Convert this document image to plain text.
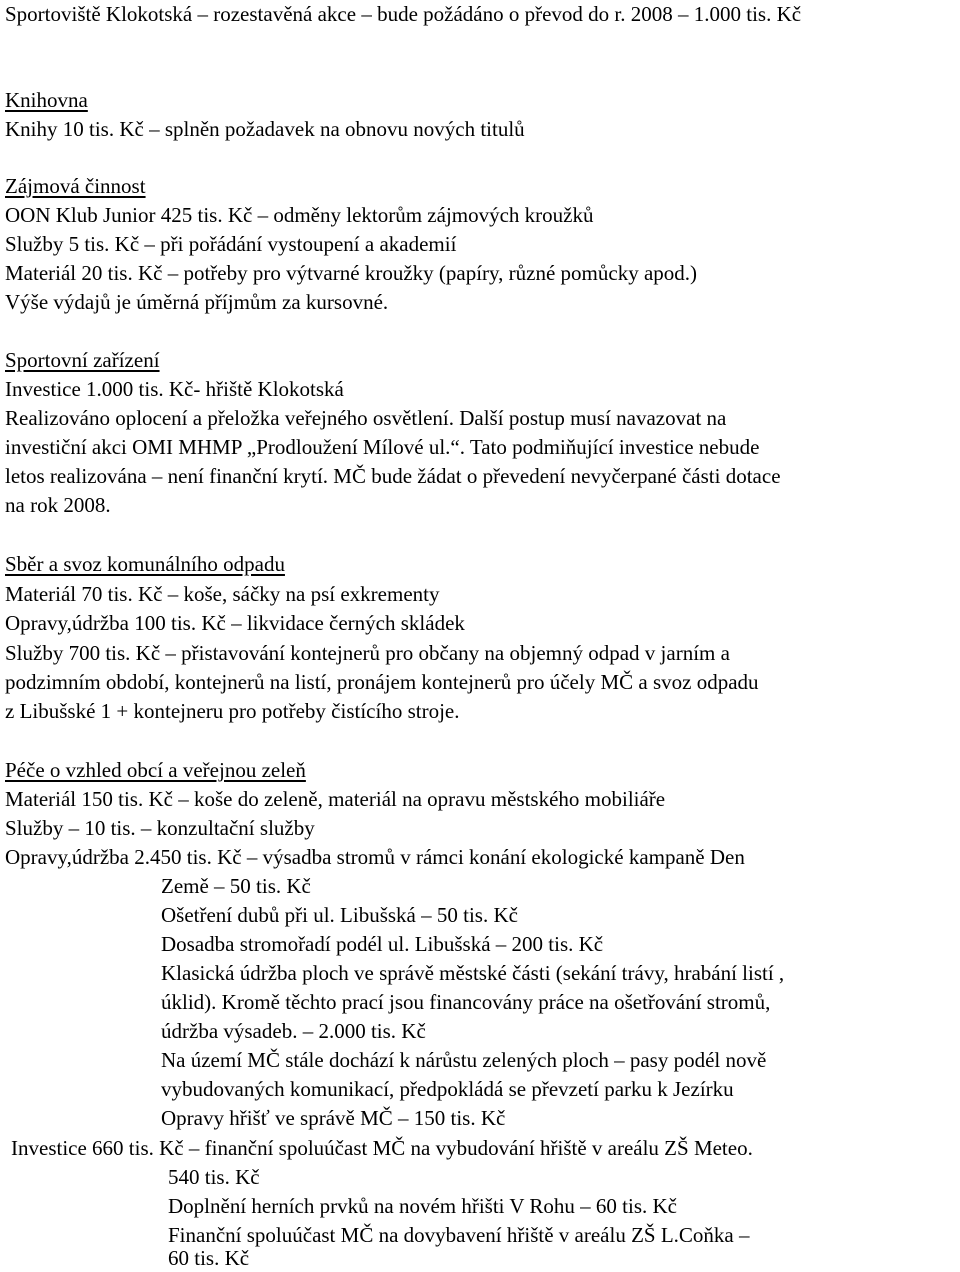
Sportoviště Klokotská – rozestavěná akce – bude požádáno o převod do r. 2008 – 1.000 tis. Kč
Knihovna
Knihy 10 tis. Kč – splněn požadavek na obnovu nových titulů
Zájmová činnost
OON Klub Junior 425 tis. Kč – odměny lektorům zájmových kroužků
Služby 5 tis. Kč – při pořádání vystoupení a akademií
Materiál 20 tis. Kč – potřeby pro výtvarné kroužky (papíry, různé pomůcky apod.)
Výše výdajů je úměrná příjmům za kursovné.
Sportovní zařízení
Investice 1.000 tis. Kč- hřiště Klokotská
Realizováno oplocení a přeložka veřejného osvětlení. Další postup musí navazovat na
investiční akci OMI MHMP „Prodloužení Mílové ul.“. Tato podmiňující investice nebude
letos realizována – není finanční krytí. MČ bude žádat o převedení nevyčerpané části dotace
na rok 2008.
Sběr a svoz komunálního odpadu
Materiál 70 tis. Kč – koše, sáčky na psí exkrementy
Opravy,údržba 100 tis. Kč – likvidace černých skládek
Služby 700 tis. Kč – přistavování kontejnerů pro občany na objemný odpad v jarním a
podzimním období, kontejnerů na listí, pronájem kontejnerů pro účely MČ a svoz odpadu
z Libušské 1 + kontejneru pro potřeby čistícího stroje.
Péče o vzhled obcí a veřejnou zeleň
Materiál 150 tis. Kč – koše do zeleně, materiál na opravu městského mobiliáře
Služby – 10 tis. – konzultační služby
Opravy,údržba 2.450 tis. Kč – výsadba stromů v rámci konání ekologické kampaně Den
Země – 50 tis. Kč
Ošetření dubů při ul. Libušská – 50 tis. Kč
Dosadba stromořadí podél ul. Libušská – 200 tis. Kč
Klasická údržba ploch ve správě městské části (sekání trávy, hrabání listí ,
úklid). Kromě těchto prací jsou financovány práce na ošetřování stromů,
údržba výsadeb. – 2.000 tis. Kč
Na území MČ stále dochází k nárůstu zelených ploch – pasy podél nově
vybudovaných komunikací, předpokládá se převzetí parku k Jezírku
Opravy hřišť ve správě MČ – 150 tis. Kč
Investice 660 tis. Kč – finanční spoluúčast MČ na vybudování hřiště v areálu ZŠ Meteo.
540 tis. Kč
Doplnění herních prvků na novém hřišti V Rohu – 60 tis. Kč
Finanční spoluúčast MČ na dovybavení hřiště v areálu ZŠ L.Coňka –
60 tis. Kč
